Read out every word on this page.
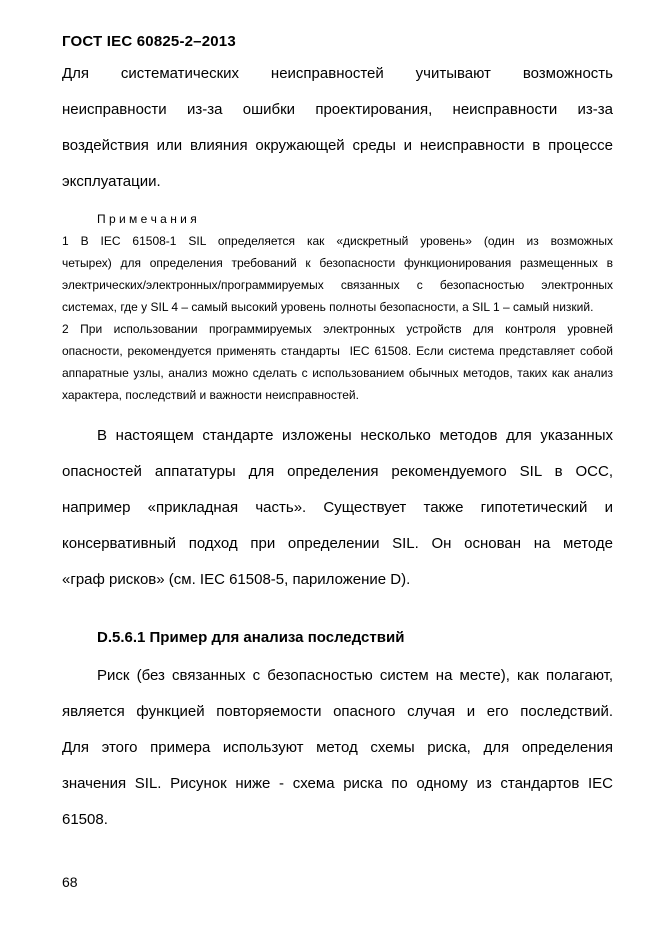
ГОСТ IEC 60825-2–2013
Для систематических неисправностей учитывают возможность
неисправности из-за ошибки проектирования, неисправности из-за
воздействия или влияния окружающей среды и неисправности в процессе
эксплуатации.
П р и м е ч а н и я
1 В IEC 61508-1 SIL определяется как «дискретный уровень» (один из возможных
четырех) для определения требований к безопасности функционирования размещенных в
электрических/электронных/программируемых связанных с безопасностью электронных
системах, где у SIL 4 – самый высокий уровень полноты безопасности, а SIL 1 – самый низкий.
2 При использовании программируемых электронных устройств для контроля уровней
опасности, рекомендуется применять стандарты  IEC 61508. Если система представляет собой
аппаратные узлы, анализ можно сделать с использованием обычных методов, таких как анализ
характера, последствий и важности неисправностей.
В настоящем стандарте изложены несколько методов для указанных
опасностей аппататуры для определения рекомендуемого SIL в ОСС,
например «прикладная часть». Существует также гипотетический и
консервативный подход при определении SIL. Он основан на методе
«граф рисков» (см. IEC 61508-5, париложение D).
D.5.6.1 Пример для анализа последствий
Риск (без связанных с безопасностью систем на месте), как полагают,
является функцией повторяемости опасного случая и его последствий.
Для этого примера используют метод схемы риска, для определения
значения SIL. Рисунок ниже - схема риска по одному из стандартов IEC
61508.
68
